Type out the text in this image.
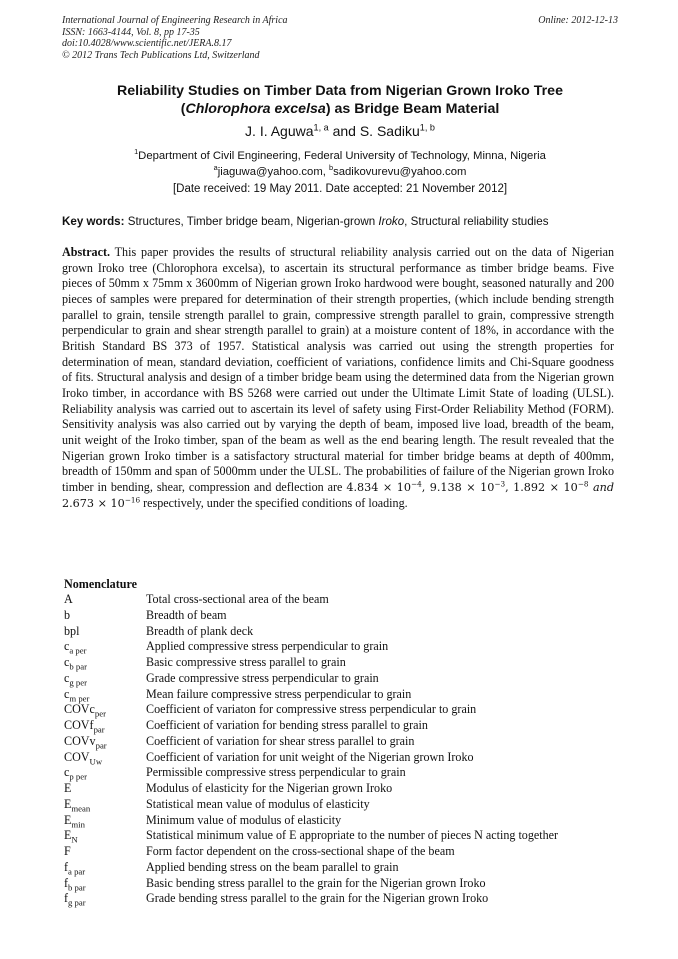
International Journal of Engineering Research in Africa	Online: 2012-12-13
ISSN: 1663-4144, Vol. 8, pp 17-35
doi:10.4028/www.scientific.net/JERA.8.17
© 2012 Trans Tech Publications Ltd, Switzerland
Reliability Studies on Timber Data from Nigerian Grown Iroko Tree
(Chlorophora excelsa) as Bridge Beam Material
J. I. Aguwa$^{1, a}$ and S. Sadiku$^{1, b}$
$^1$Department of Civil Engineering, Federal University of Technology, Minna, Nigeria
$^a$jiaguwa@yahoo.com, $^b$sadikovurevu@yahoo.com
[Date received: 19 May 2011. Date accepted: 21 November 2012]
Key words: Structures, Timber bridge beam, Nigerian-grown Iroko, Structural reliability studies
Abstract. This paper provides the results of structural reliability analysis carried out on the data of Nigerian grown Iroko tree (Chlorophora excelsa), to ascertain its structural performance as timber bridge beams. Five pieces of 50mm x 75mm x 3600mm of Nigerian grown Iroko hardwood were bought, seasoned naturally and 200 pieces of samples were prepared for determination of their strength properties, (which include bending strength parallel to grain, tensile strength parallel to grain, compressive strength parallel to grain, compressive strength perpendicular to grain and shear strength parallel to grain) at a moisture content of 18%, in accordance with the British Standard BS 373 of 1957. Statistical analysis was carried out using the strength properties for determination of mean, standard deviation, coefficient of variations, confidence limits and Chi-Square goodness of fits. Structural analysis and design of a timber bridge beam using the determined data from the Nigerian grown Iroko timber, in accordance with BS 5268 were carried out under the Ultimate Limit State of loading (ULSL). Reliability analysis was carried out to ascertain its level of safety using First-Order Reliability Method (FORM). Sensitivity analysis was also carried out by varying the depth of beam, imposed live load, breadth of the beam, unit weight of the Iroko timber, span of the beam as well as the end bearing length. The result revealed that the Nigerian grown Iroko timber is a satisfactory structural material for timber bridge beams at depth of 400mm, breadth of 150mm and span of 5000mm under the ULSL. The probabilities of failure of the Nigerian grown Iroko timber in bending, shear, compression and deflection are $4.834 \times 10^{-4}$, $9.138 \times 10^{-3}$, $1.892 \times 10^{-8}$ and $2.673 \times 10^{-16}$ respectively, under the specified conditions of loading.
Nomenclature
A	Total cross-sectional area of the beam
b	Breadth of beam
bpl	Breadth of plank deck
$c_{a per}$	Applied compressive stress perpendicular to grain
$c_{b par}$	Basic compressive stress parallel to grain
$c_{g per}$	Grade compressive stress perpendicular to grain
$c_{m per}$	Mean failure compressive stress perpendicular to grain
COVc$_{per}$	Coefficient of variaton for compressive stress perpendicular to grain
COVf$_{par}$	Coefficient of variation for bending stress parallel to grain
COVv$_{par}$	Coefficient of variation for shear stress parallel to grain
$COV_{Uw}$	Coefficient of variation for unit weight of the Nigerian grown Iroko
$c_{p per}$	Permissible compressive stress perpendicular to grain
E	Modulus of elasticity for the Nigerian grown Iroko
$E_{mean}$	Statistical mean value of modulus of elasticity
$E_{min}$	Minimum value of modulus of elasticity
$E_N$	Statistical minimum value of E appropriate to the number of pieces N acting together
F	Form factor dependent on the cross-sectional shape of the beam
$f_{a par}$	Applied bending stress on the beam parallel to grain
$f_{b par}$	Basic bending stress parallel to the grain for the Nigerian grown Iroko
$f_{g par}$	Grade bending stress parallel to the grain for the Nigerian grown Iroko
